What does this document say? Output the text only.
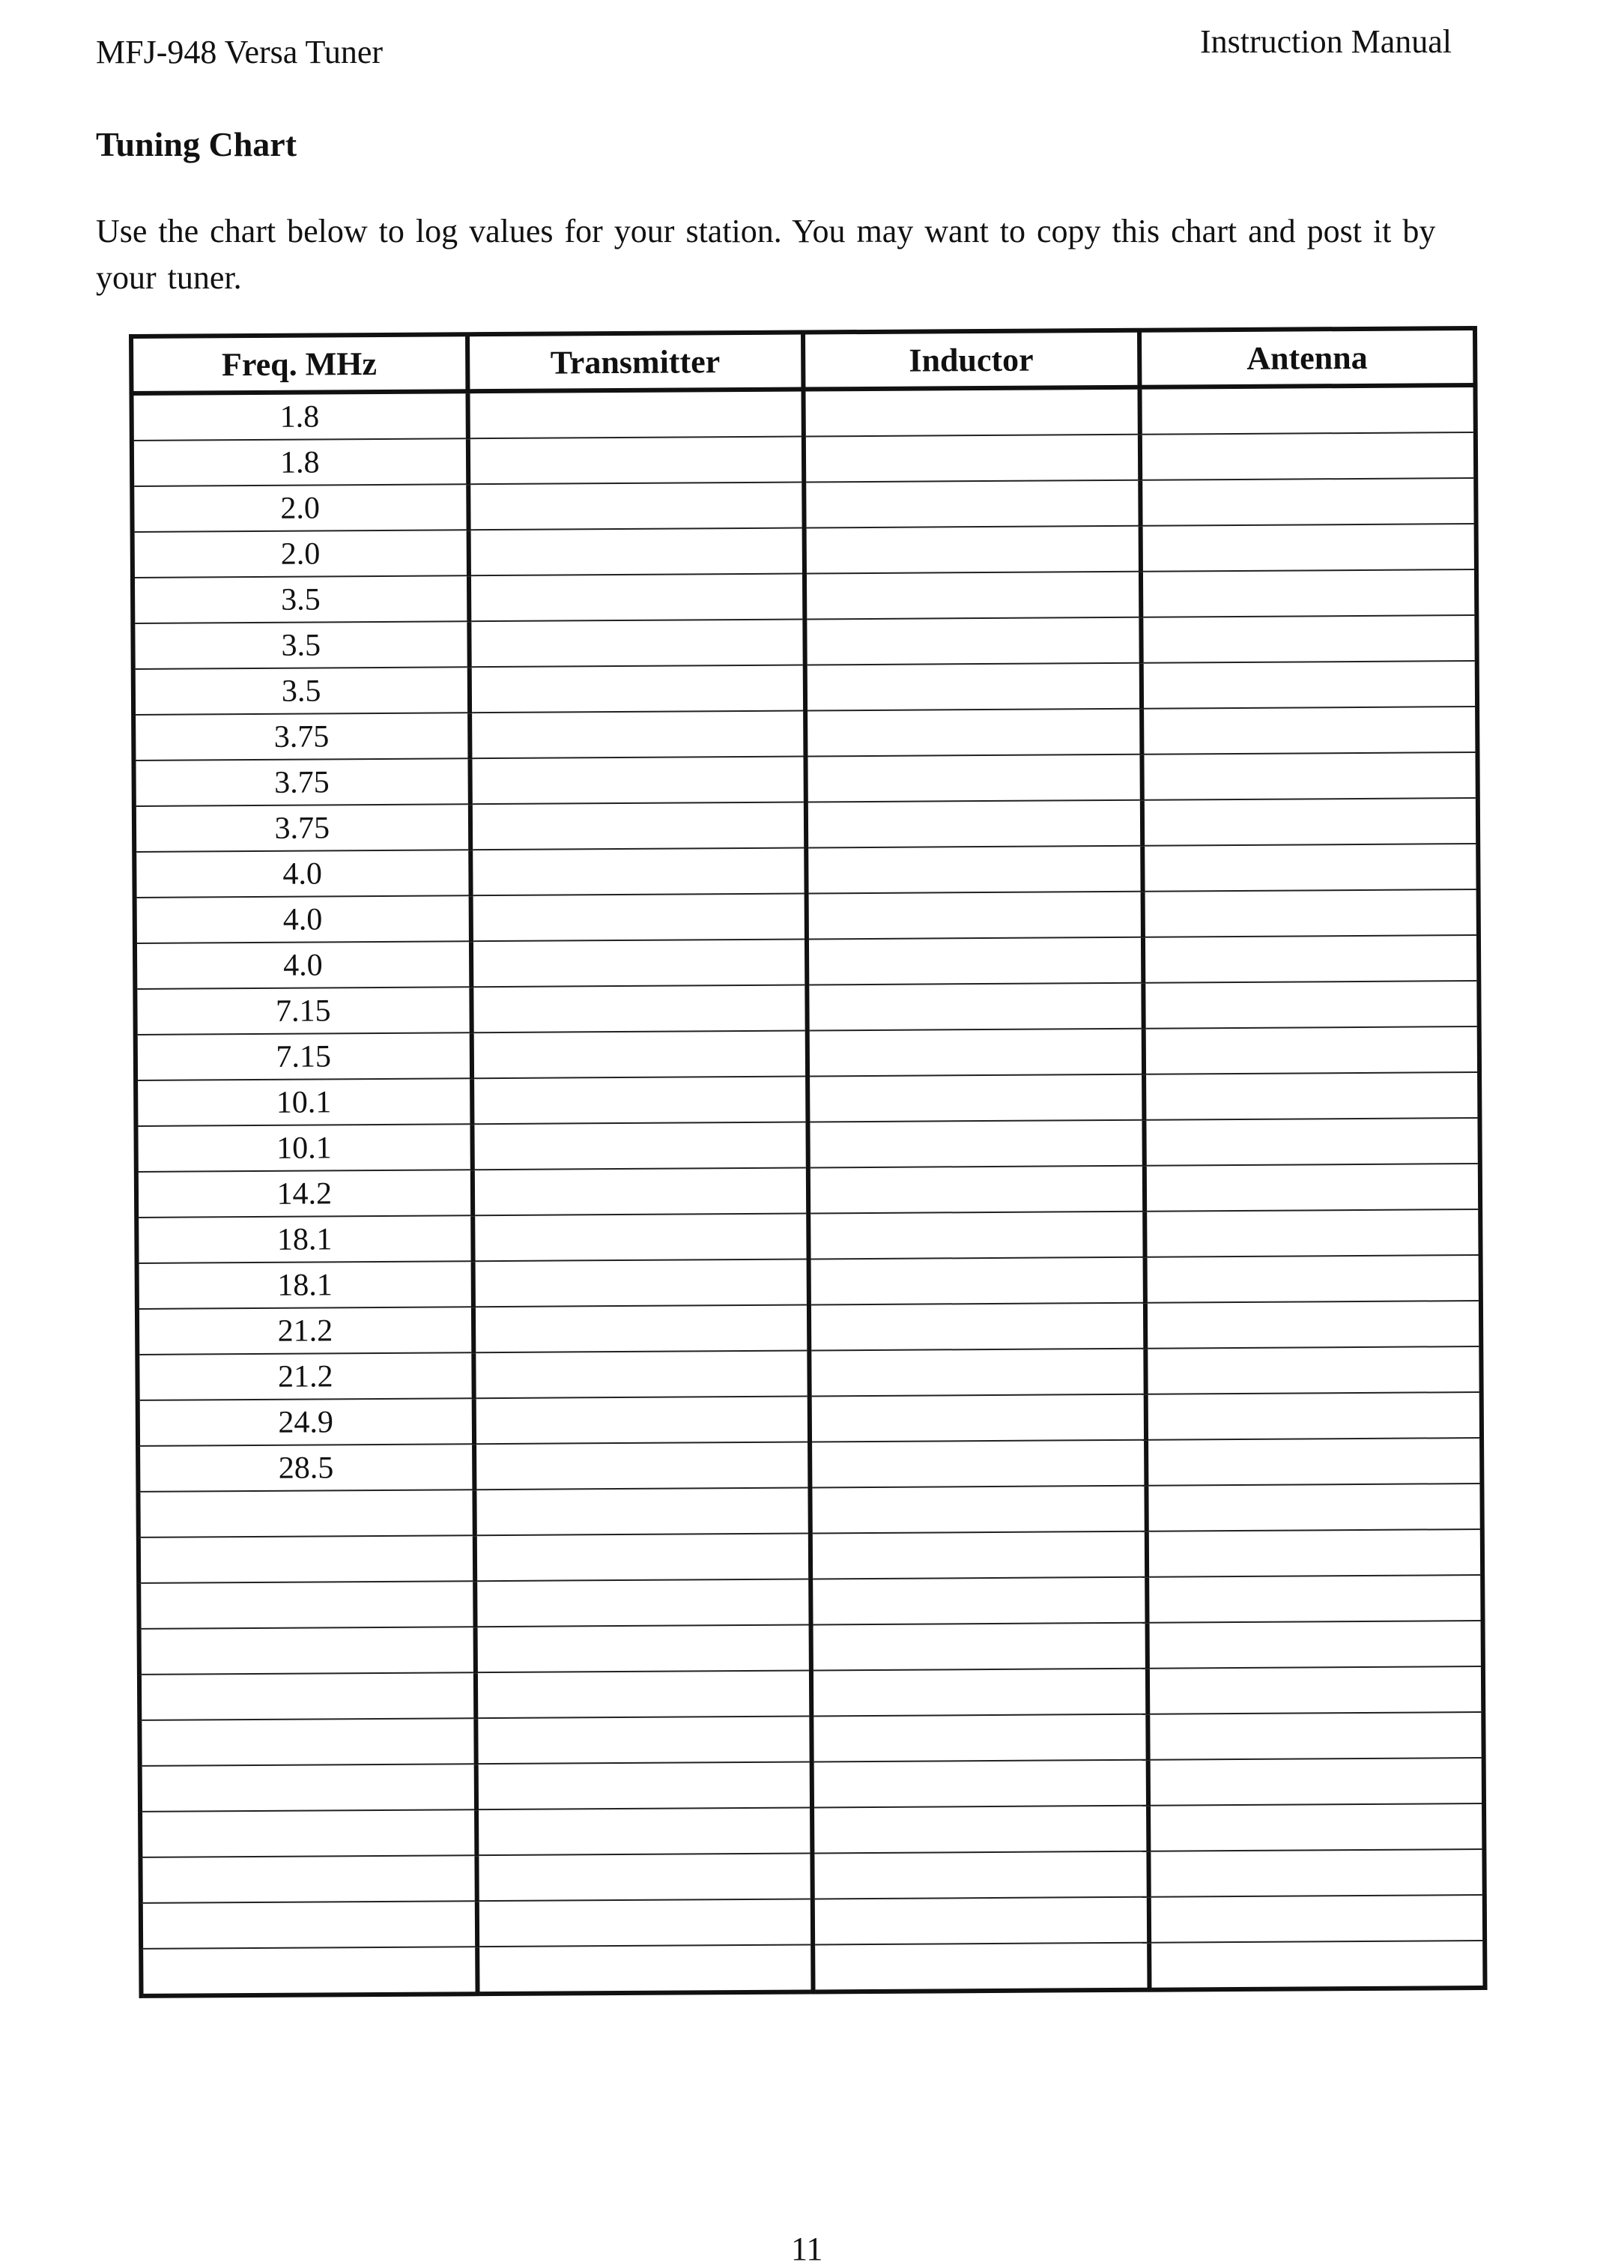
MFJ-948 Versa Tuner	Instruction Manual
Tuning Chart
Use the chart below to log values for your station. You may want to copy this chart and post it by your tuner.
Freq. MHz	Transmitter	Inductor	Antenna
1.8			
1.8			
2.0			
2.0			
3.5			
3.5			
3.5			
3.75			
3.75			
3.75			
4.0			
4.0			
4.0			
7.15			
7.15			
10.1			
10.1			
14.2			
18.1			
18.1			
21.2			
21.2			
24.9			
28.5			

11
